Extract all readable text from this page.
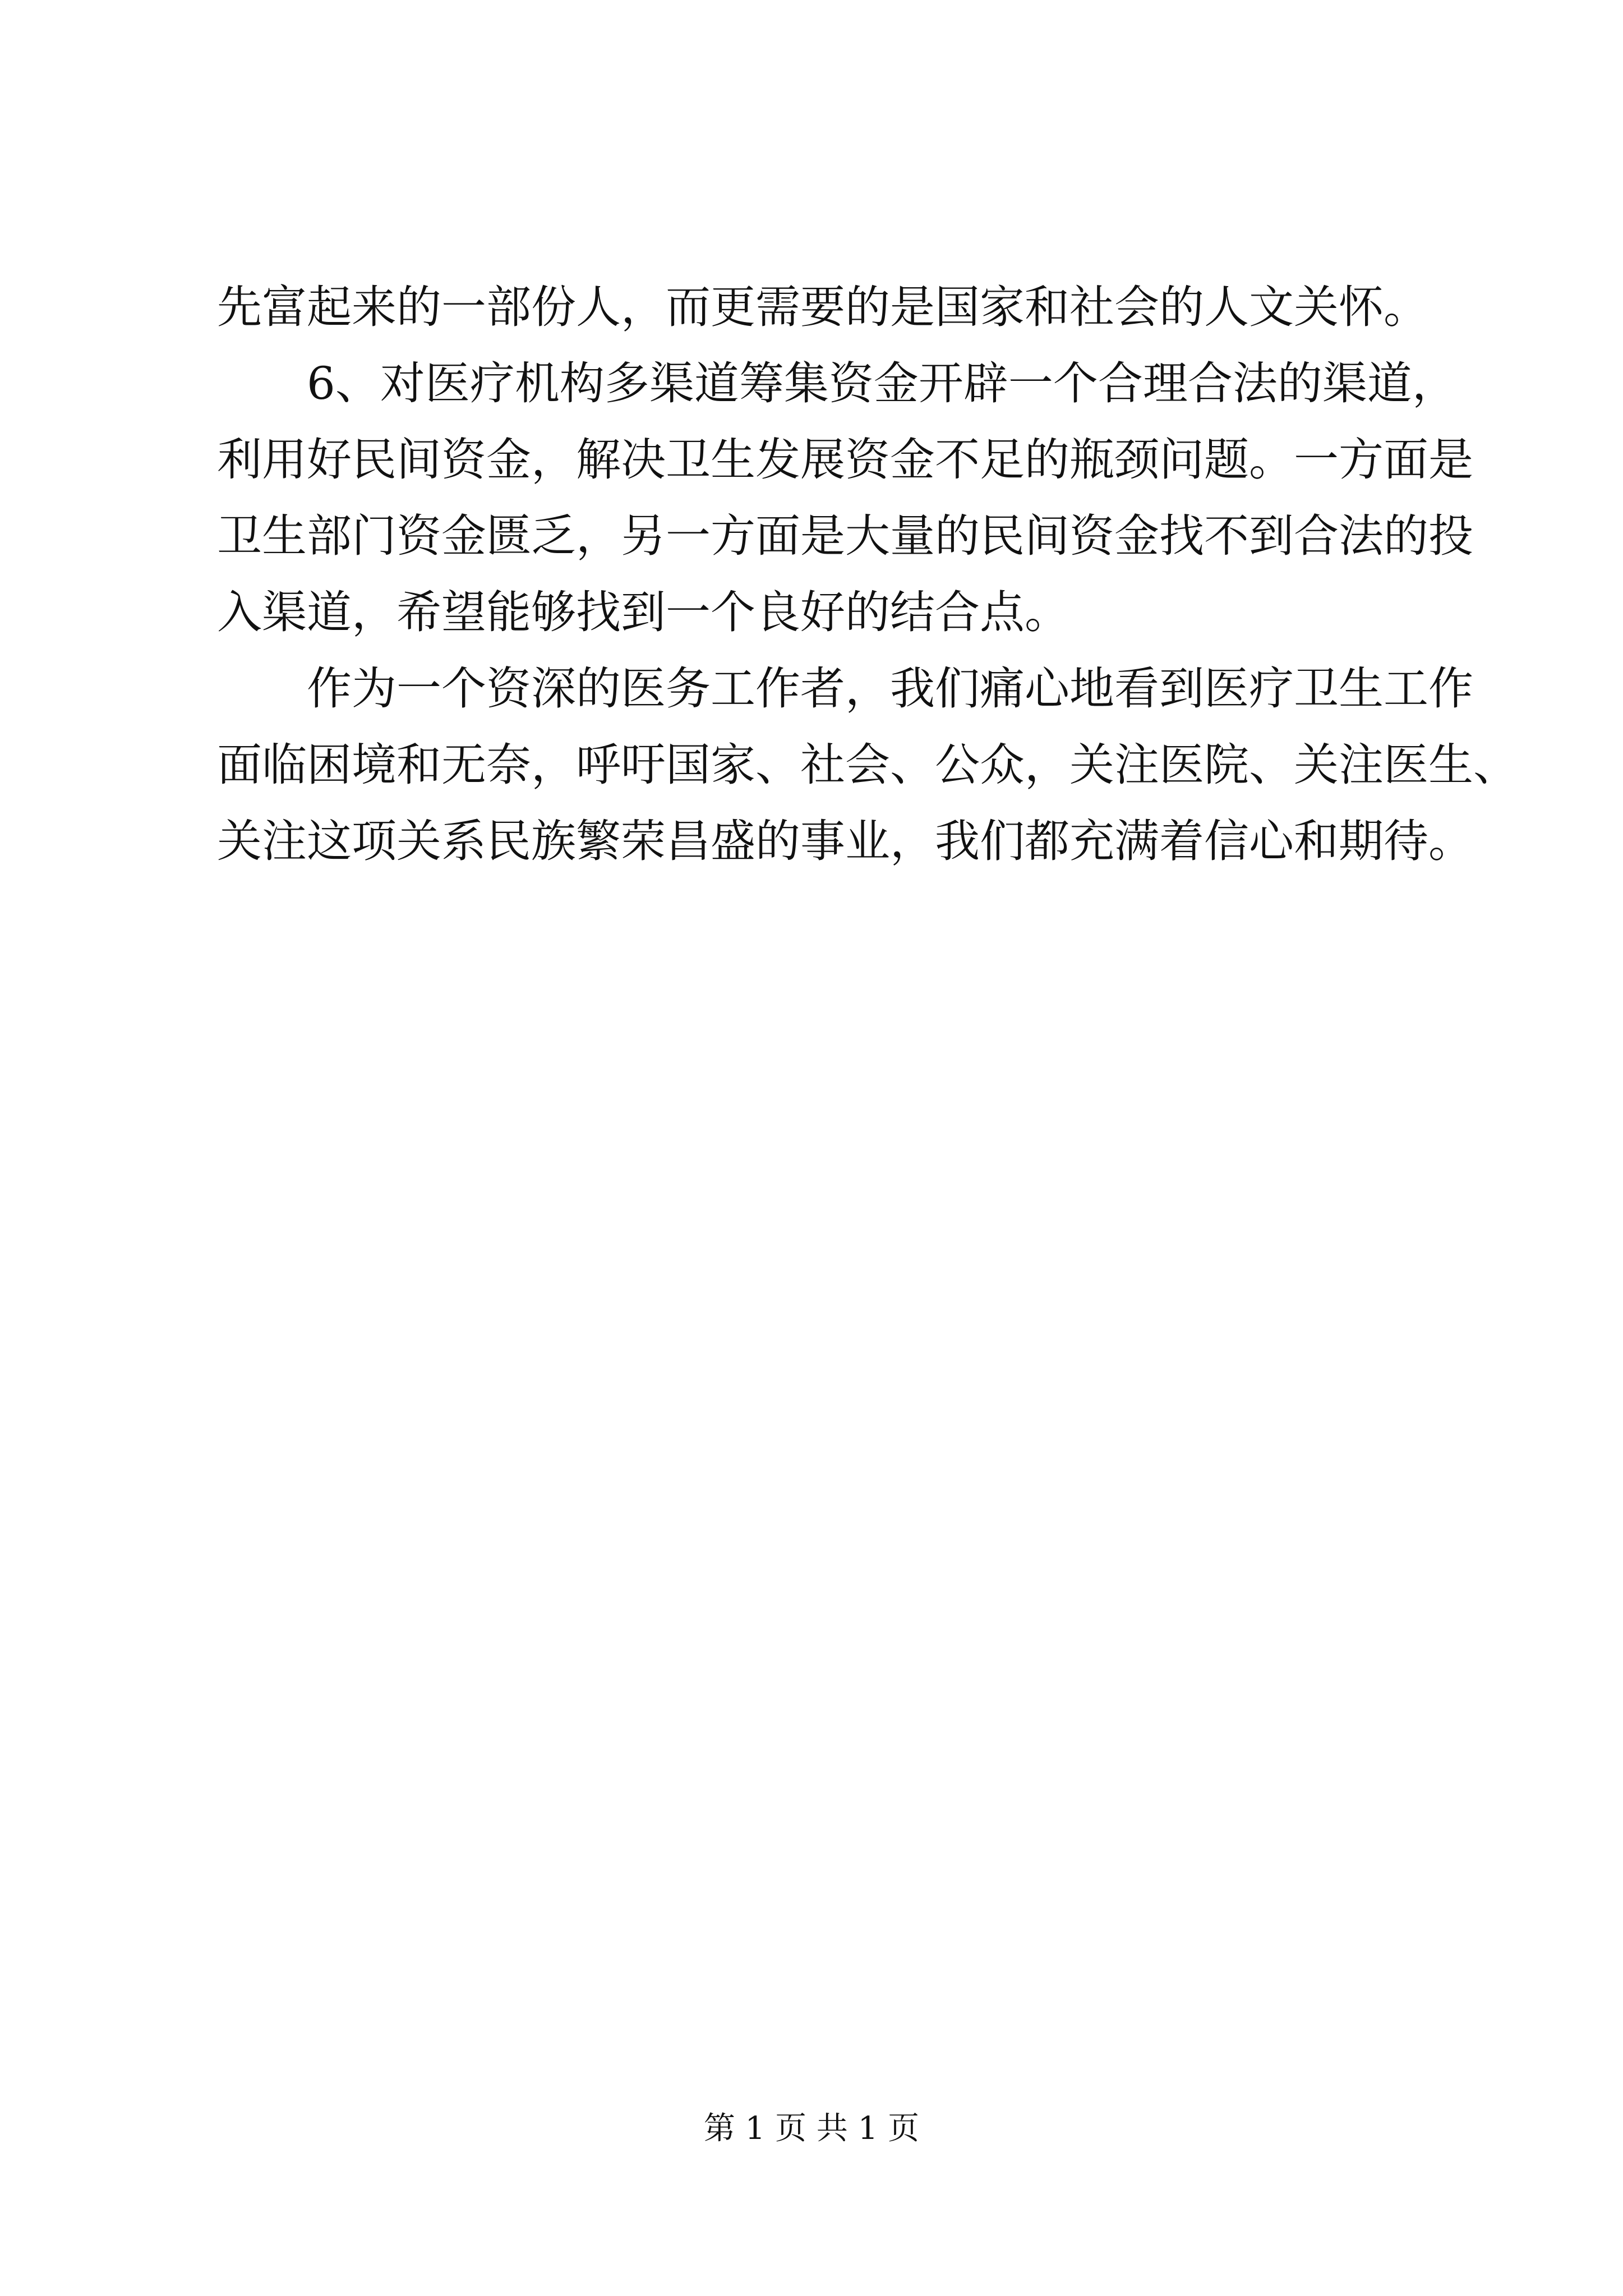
先富起来的一部份人，而更需要的是国家和社会的人文关怀。
6、对医疗机构多渠道筹集资金开辟一个合理合法的渠道，
利用好民间资金，解决卫生发展资金不足的瓶颈问题。一方面是
卫生部门资金匮乏，另一方面是大量的民间资金找不到合法的投
入渠道，希望能够找到一个良好的结合点。
作为一个资深的医务工作者，我们痛心地看到医疗卫生工作
面临困境和无奈，呼吁国家、社会、公众，关注医院、关注医生、
关注这项关系民族繁荣昌盛的事业，我们都充满着信心和期待。
第 1 页 共 1 页
